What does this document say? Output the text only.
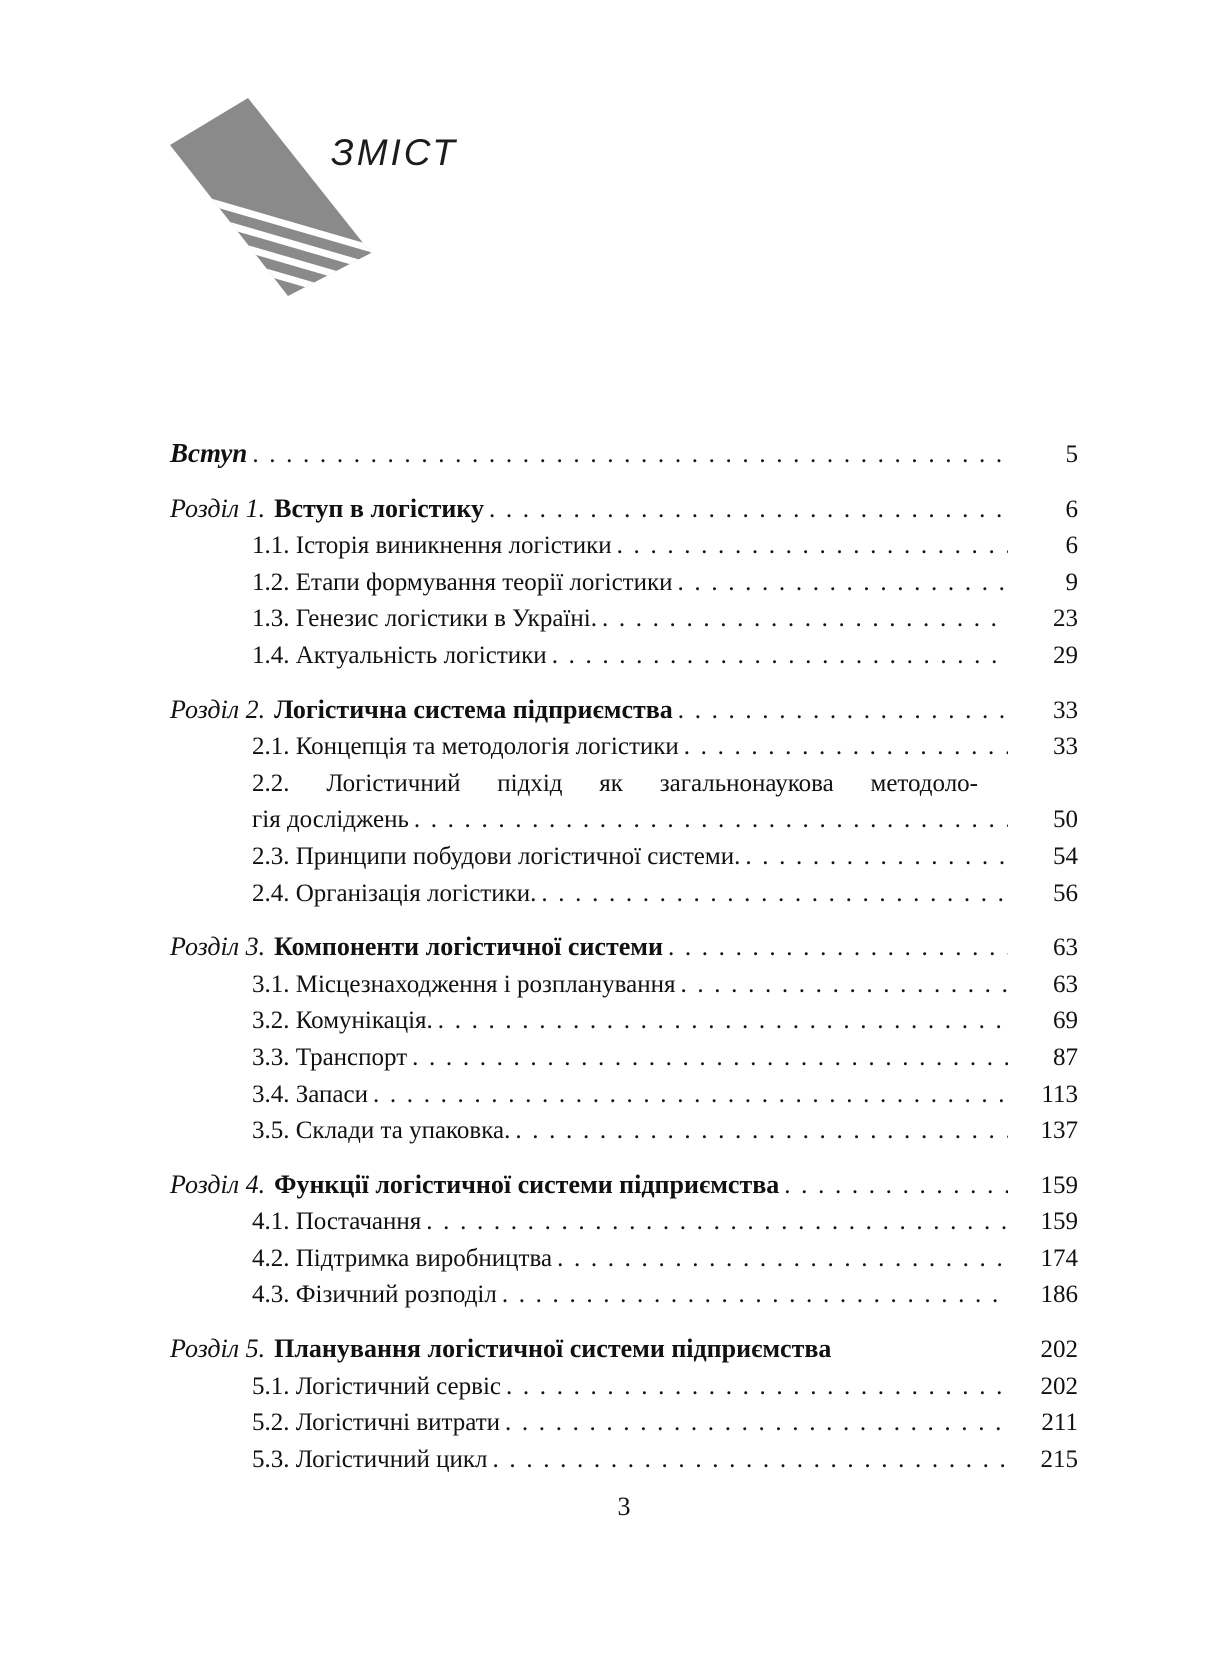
ЗМІСТ
Вступ . . .	5
Розділ 1. Вступ в логістику . . .	6
1.1. Історія виникнення логістики . . .	6
1.2. Етапи формування теорії логістики . . .	9
1.3. Генезис логістики в Україні. . . .	23
1.4. Актуальність логістики . . .	29
Розділ 2. Логістична система підприємства . . .	33
2.1. Концепція та методологія логістики . . .	33
2.2. Логістичний підхід як загальнонаукова методоло-
гія досліджень . . .	50
2.3. Принципи побудови логістичної системи. . . .	54
2.4. Організація логістики. . . .	56
Розділ 3. Компоненти логістичної системи . . .	63
3.1. Місцезнаходження і розпланування . . .	63
3.2. Комунікація. . . .	69
3.3. Транспорт . . .	87
3.4. Запаси . . .	113
3.5. Склади та упаковка. . . .	137
Розділ 4. Функції логістичної системи підприємства . . .	159
4.1. Постачання . . .	159
4.2. Підтримка виробництва . . .	174
4.3. Фізичний розподіл . . .	186
Розділ 5. Планування логістичної системи підприємства	202
5.1. Логістичний сервіс . . .	202
5.2. Логістичні витрати . . .	211
5.3. Логістичний цикл . . .	215
3
